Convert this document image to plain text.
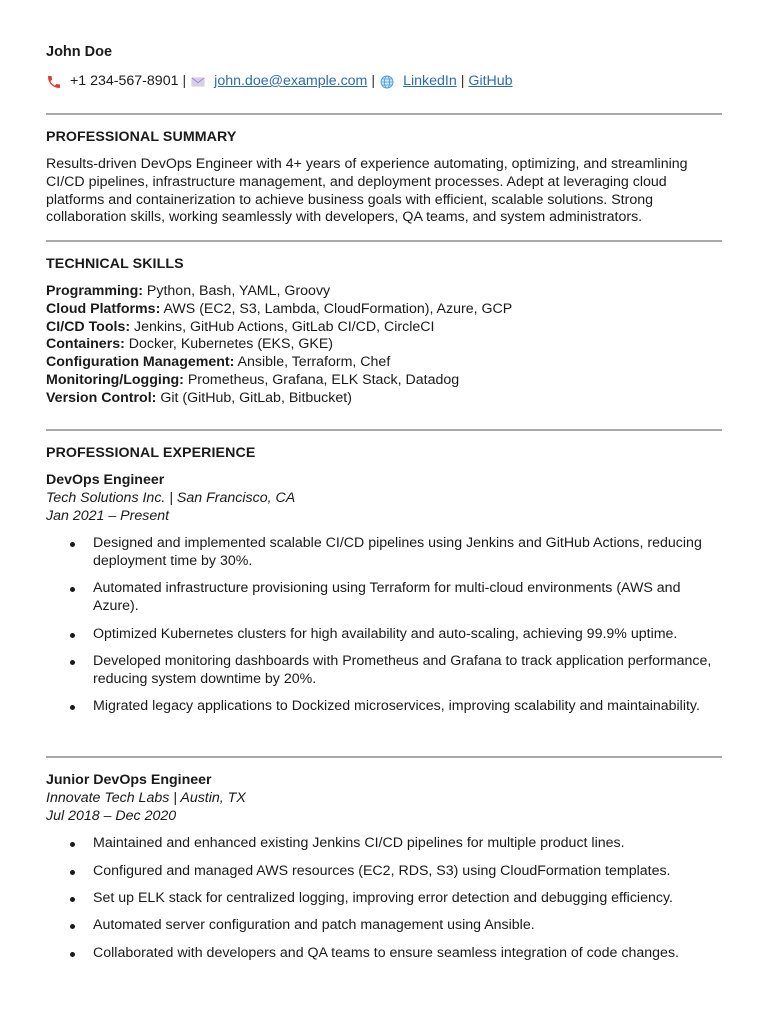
John Doe
+1 234-567-8901 | john.doe@example.com | LinkedIn | GitHub
PROFESSIONAL SUMMARY
Results-driven DevOps Engineer with 4+ years of experience automating, optimizing, and streamlining CI/CD pipelines, infrastructure management, and deployment processes. Adept at leveraging cloud platforms and containerization to achieve business goals with efficient, scalable solutions. Strong collaboration skills, working seamlessly with developers, QA teams, and system administrators.
TECHNICAL SKILLS
Programming: Python, Bash, YAML, Groovy
Cloud Platforms: AWS (EC2, S3, Lambda, CloudFormation), Azure, GCP
CI/CD Tools: Jenkins, GitHub Actions, GitLab CI/CD, CircleCI
Containers: Docker, Kubernetes (EKS, GKE)
Configuration Management: Ansible, Terraform, Chef
Monitoring/Logging: Prometheus, Grafana, ELK Stack, Datadog
Version Control: Git (GitHub, GitLab, Bitbucket)
PROFESSIONAL EXPERIENCE
DevOps Engineer
Tech Solutions Inc. | San Francisco, CA
Jan 2021 – Present
Designed and implemented scalable CI/CD pipelines using Jenkins and GitHub Actions, reducing deployment time by 30%.
Automated infrastructure provisioning using Terraform for multi-cloud environments (AWS and Azure).
Optimized Kubernetes clusters for high availability and auto-scaling, achieving 99.9% uptime.
Developed monitoring dashboards with Prometheus and Grafana to track application performance, reducing system downtime by 20%.
Migrated legacy applications to Dockized microservices, improving scalability and maintainability.
Junior DevOps Engineer
Innovate Tech Labs | Austin, TX
Jul 2018 – Dec 2020
Maintained and enhanced existing Jenkins CI/CD pipelines for multiple product lines.
Configured and managed AWS resources (EC2, RDS, S3) using CloudFormation templates.
Set up ELK stack for centralized logging, improving error detection and debugging efficiency.
Automated server configuration and patch management using Ansible.
Collaborated with developers and QA teams to ensure seamless integration of code changes.
